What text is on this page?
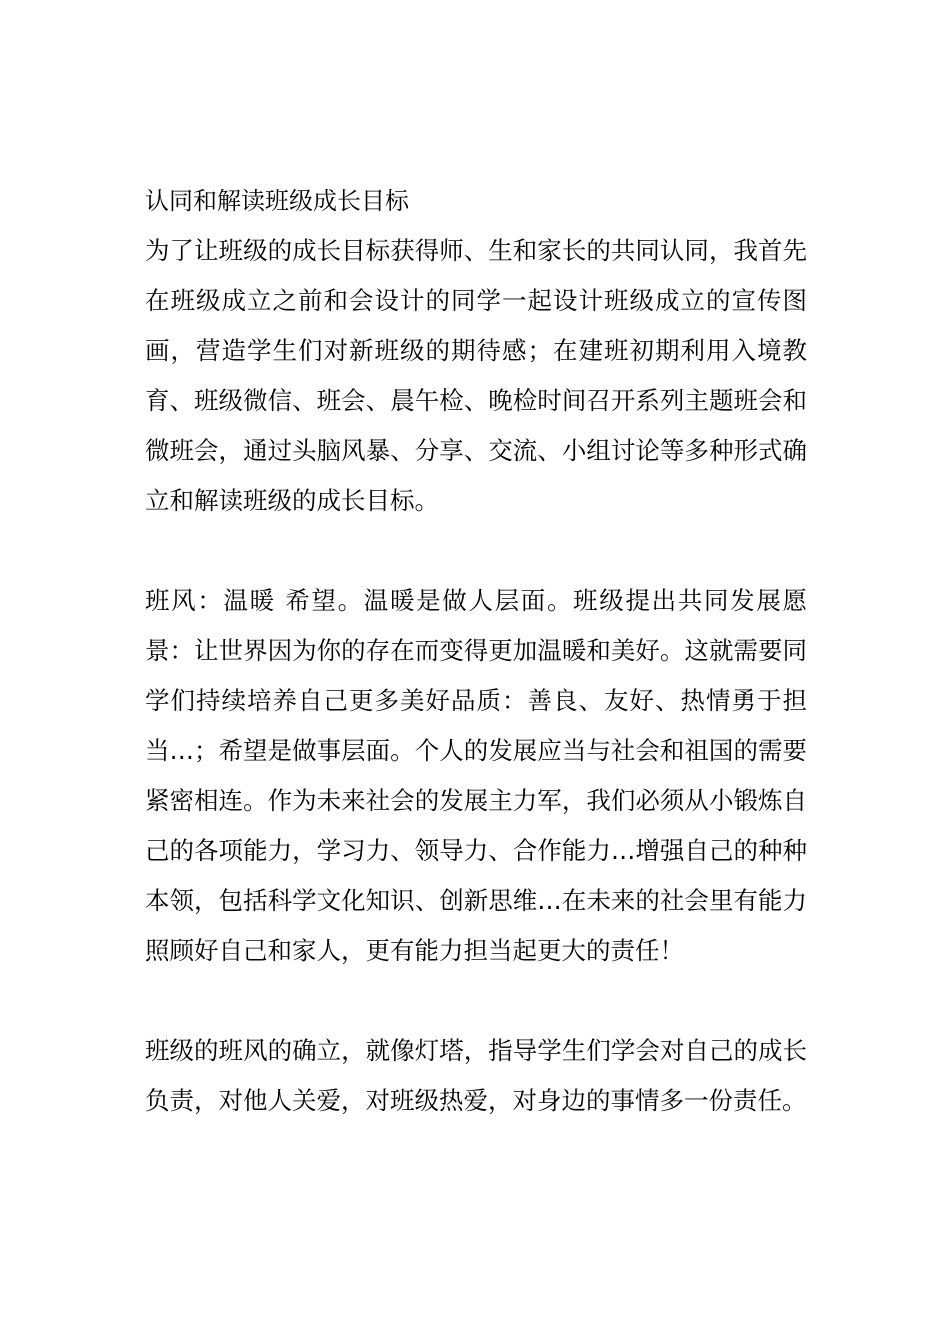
认同和解读班级成长目标

为了让班级的成长目标获得师、生和家长的共同认同，我首先在班级成立之前和会设计的同学一起设计班级成立的宣传图画，营造学生们对新班级的期待感；在建班初期利用入境教育、班级微信、班会、晨午检、晚检时间召开系列主题班会和微班会，通过头脑风暴、分享、交流、小组讨论等多种形式确立和解读班级的成长目标。

班风：温暖 希望。温暖是做人层面。班级提出共同发展愿景：让世界因为你的存在而变得更加温暖和美好。这就需要同学们持续培养自己更多美好品质：善良、友好、热情勇于担当…；希望是做事层面。个人的发展应当与社会和祖国的需要紧密相连。作为未来社会的发展主力军，我们必须从小锻炼自己的各项能力，学习力、领导力、合作能力…增强自己的种种本领，包括科学文化知识、创新思维…在未来的社会里有能力照顾好自己和家人，更有能力担当起更大的责任！

班级的班风的确立，就像灯塔，指导学生们学会对自己的成长负责，对他人关爱，对班级热爱，对身边的事情多一份责任。
